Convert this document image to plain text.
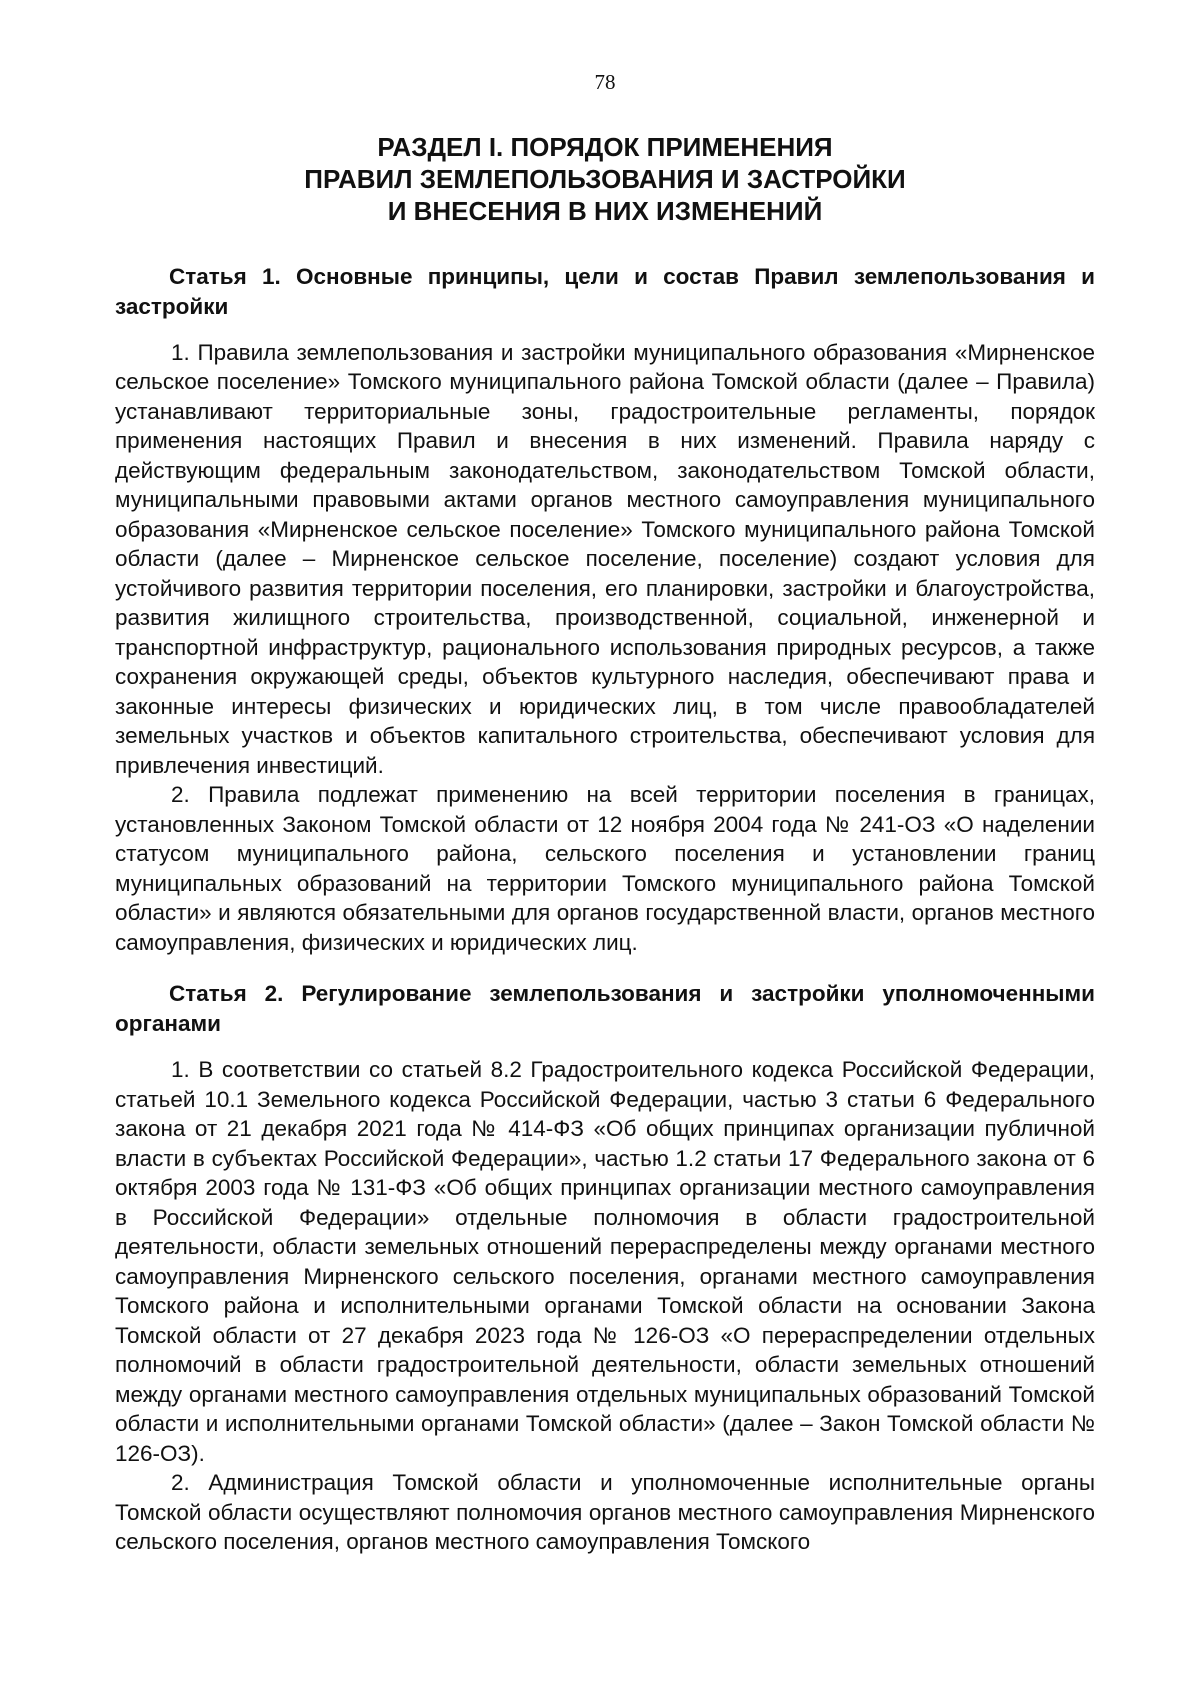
78
РАЗДЕЛ I. ПОРЯДОК ПРИМЕНЕНИЯ
ПРАВИЛ ЗЕМЛЕПОЛЬЗОВАНИЯ И ЗАСТРОЙКИ
И ВНЕСЕНИЯ В НИХ ИЗМЕНЕНИЙ
Статья 1. Основные принципы, цели и состав Правил землепользования и застройки

1. Правила землепользования и застройки муниципального образования «Мирненское сельское поселение» Томского муниципального района Томской области (далее – Правила) устанавливают территориальные зоны, градостроительные регламенты, порядок применения настоящих Правил и внесения в них изменений. Правила наряду с действующим федеральным законодательством, законодательством Томской области, муниципальными правовыми актами органов местного самоуправления муниципального образования «Мирненское сельское поселение» Томского муниципального района Томской области (далее – Мирненское сельское поселение, поселение) создают условия для устойчивого развития территории поселения, его планировки, застройки и благоустройства, развития жилищного строительства, производственной, социальной, инженерной и транспортной инфраструктур, рационального использования природных ресурсов, а также сохранения окружающей среды, объектов культурного наследия, обеспечивают права и законные интересы физических и юридических лиц, в том числе правообладателей земельных участков и объектов капитального строительства, обеспечивают условия для привлечения инвестиций.

2. Правила подлежат применению на всей территории поселения в границах, установленных Законом Томской области от 12 ноября 2004 года № 241-ОЗ «О наделении статусом муниципального района, сельского поселения и установлении границ муниципальных образований на территории Томского муниципального района Томской области» и являются обязательными для органов государственной власти, органов местного самоуправления, физических и юридических лиц.

Статья 2. Регулирование землепользования и застройки уполномоченными органами

1. В соответствии со статьей 8.2 Градостроительного кодекса Российской Федерации, статьей 10.1 Земельного кодекса Российской Федерации, частью 3 статьи 6 Федерального закона от 21 декабря 2021 года № 414-ФЗ «Об общих принципах организации публичной власти в субъектах Российской Федерации», частью 1.2 статьи 17 Федерального закона от 6 октября 2003 года № 131-ФЗ «Об общих принципах организации местного самоуправления в Российской Федерации» отдельные полномочия в области градостроительной деятельности, области земельных отношений перераспределены между органами местного самоуправления Мирненского сельского поселения, органами местного самоуправления Томского района и исполнительными органами Томской области на основании Закона Томской области от 27 декабря 2023 года № 126-ОЗ «О перераспределении отдельных полномочий в области градостроительной деятельности, области земельных отношений между органами местного самоуправления отдельных муниципальных образований Томской области и исполнительными органами Томской области» (далее – Закон Томской области № 126-ОЗ).

2. Администрация Томской области и уполномоченные исполнительные органы Томской области осуществляют полномочия органов местного самоуправления Мирненского сельского поселения, органов местного самоуправления Томского
